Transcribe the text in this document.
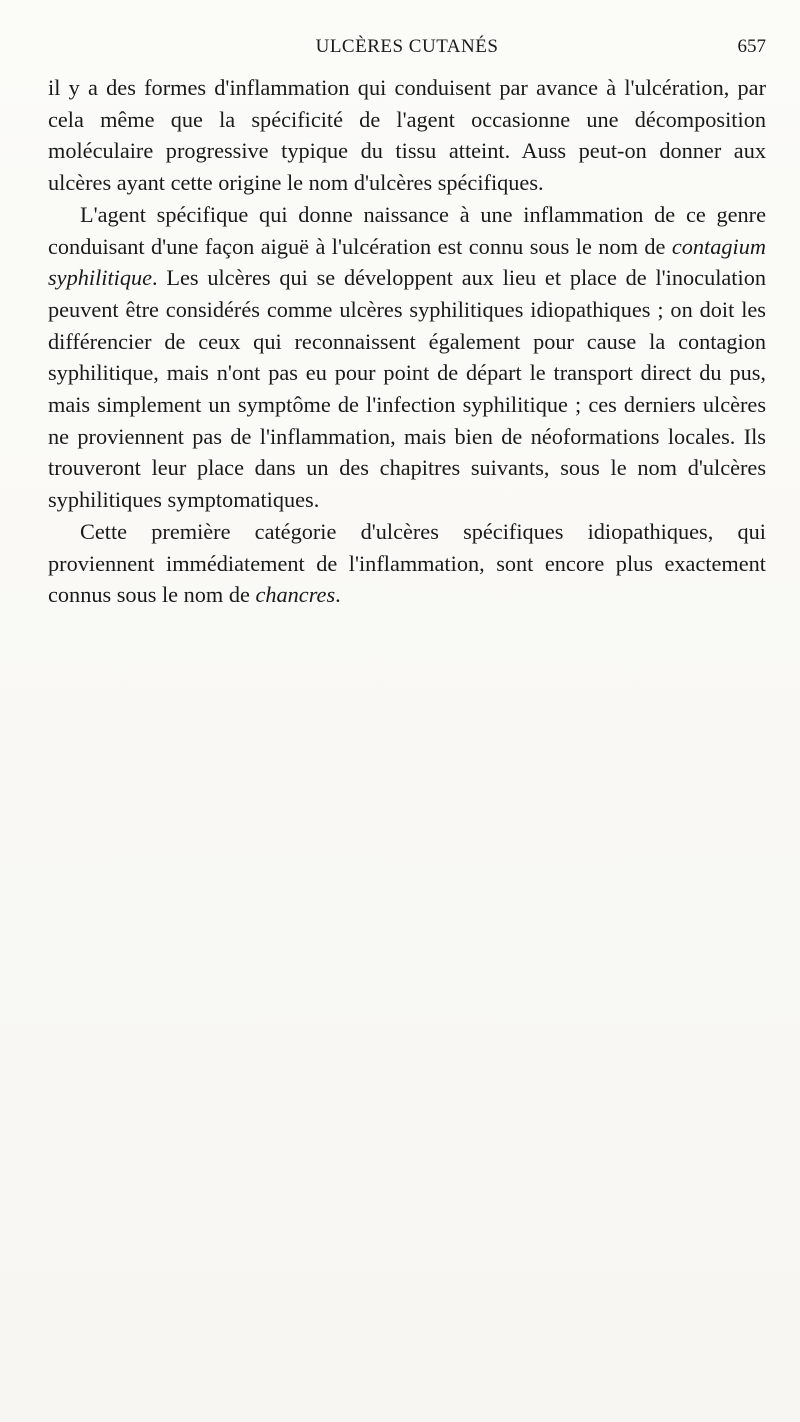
ULCÈRES CUTANÉS	657

il y a des formes d'inflammation qui conduisent par avance à l'ulcération, par cela même que la spécificité de l'agent occasionne une décomposition moléculaire progressive typique du tissu atteint. Auss peut-on donner aux ulcères ayant cette origine le nom d'ulcères spécifiques.

L'agent spécifique qui donne naissance à une inflammation de ce genre conduisant d'une façon aiguë à l'ulcération est connu sous le nom de contagium syphilitique. Les ulcères qui se développent aux lieu et place de l'inoculation peuvent être considérés comme ulcères syphilitiques idiopathiques ; on doit les différencier de ceux qui reconnaissent également pour cause la contagion syphilitique, mais n'ont pas eu pour point de départ le transport direct du pus, mais simplement un symptôme de l'infection syphilitique ; ces derniers ulcères ne proviennent pas de l'inflammation, mais bien de néoformations locales. Ils trouveront leur place dans un des chapitres suivants, sous le nom d'ulcères syphilitiques symptomatiques.

Cette première catégorie d'ulcères spécifiques idiopathiques, qui proviennent immédiatement de l'inflammation, sont encore plus exactement connus sous le nom de chancres.
